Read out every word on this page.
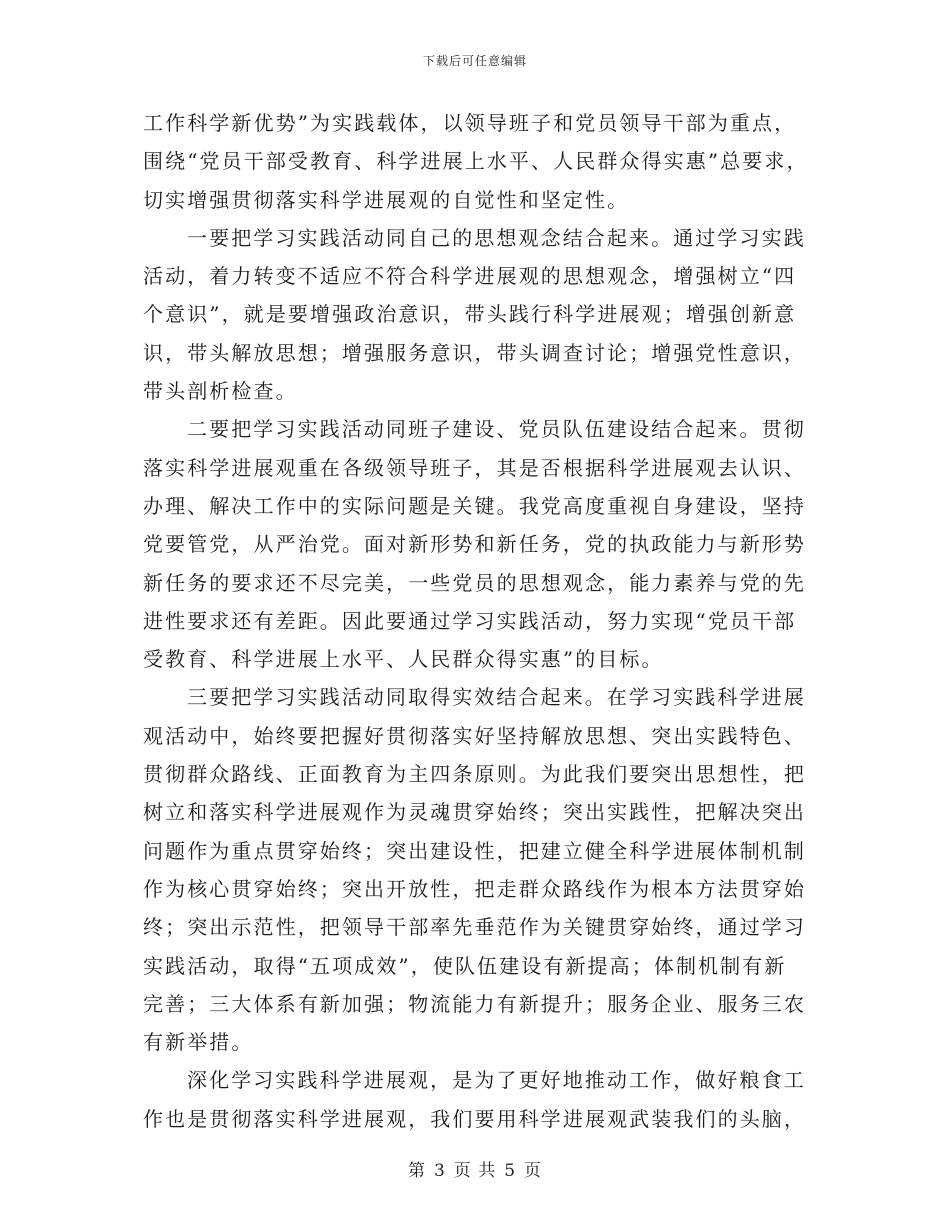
下载后可任意编辑
工作科学新优势”为实践载体，以领导班子和党员领导干部为重点，
围绕“党员干部受教育、科学进展上水平、人民群众得实惠”总要求，
切实增强贯彻落实科学进展观的自觉性和坚定性。
一要把学习实践活动同自己的思想观念结合起来。通过学习实践
活动，着力转变不适应不符合科学进展观的思想观念，增强树立“四
个意识”，就是要增强政治意识，带头践行科学进展观；增强创新意
识，带头解放思想；增强服务意识，带头调查讨论；增强党性意识，
带头剖析检查。
二要把学习实践活动同班子建设、党员队伍建设结合起来。贯彻
落实科学进展观重在各级领导班子，其是否根据科学进展观去认识、
办理、解决工作中的实际问题是关键。我党高度重视自身建设，坚持
党要管党，从严治党。面对新形势和新任务，党的执政能力与新形势
新任务的要求还不尽完美，一些党员的思想观念，能力素养与党的先
进性要求还有差距。因此要通过学习实践活动，努力实现“党员干部
受教育、科学进展上水平、人民群众得实惠”的目标。
三要把学习实践活动同取得实效结合起来。在学习实践科学进展
观活动中，始终要把握好贯彻落实好坚持解放思想、突出实践特色、
贯彻群众路线、正面教育为主四条原则。为此我们要突出思想性，把
树立和落实科学进展观作为灵魂贯穿始终；突出实践性，把解决突出
问题作为重点贯穿始终；突出建设性，把建立健全科学进展体制机制
作为核心贯穿始终；突出开放性，把走群众路线作为根本方法贯穿始
终；突出示范性，把领导干部率先垂范作为关键贯穿始终，通过学习
实践活动，取得“五项成效”，使队伍建设有新提高；体制机制有新
完善；三大体系有新加强；物流能力有新提升；服务企业、服务三农
有新举措。
深化学习实践科学进展观，是为了更好地推动工作，做好粮食工
作也是贯彻落实科学进展观，我们要用科学进展观武装我们的头脑，
第 3 页 共 5 页
